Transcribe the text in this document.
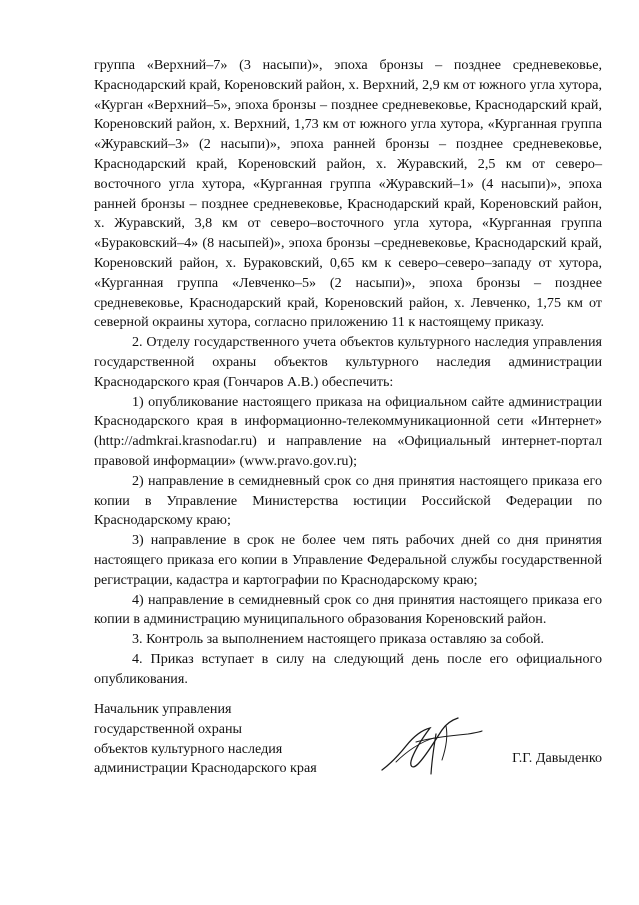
группа «Верхний–7» (3 насыпи)», эпоха бронзы – позднее средневековье, Краснодарский край, Кореновский район, х. Верхний, 2,9 км от южного угла хутора, «Курган «Верхний–5», эпоха бронзы – позднее средневековье, Краснодарский край, Кореновский район, х. Верхний, 1,73 км от южного угла хутора, «Курганная группа «Журавский–3» (2 насыпи)», эпоха ранней бронзы – позднее средневековье, Краснодарский край, Кореновский район, х. Журавский, 2,5 км от северо–восточного угла хутора, «Курганная группа «Журавский–1» (4 насыпи)», эпоха ранней бронзы – позднее средневековье, Краснодарский край, Кореновский район, х. Журавский, 3,8 км от северо–восточного угла хутора, «Курганная группа «Бураковский–4» (8 насыпей)», эпоха бронзы –средневековье, Краснодарский край, Кореновский район, х. Бураковский, 0,65 км к северо–северо–западу от хутора, «Курганная группа «Левченко–5» (2 насыпи)», эпоха бронзы – позднее средневековье, Краснодарский край, Кореновский район, х. Левченко, 1,75 км от северной окраины хутора, согласно приложению 11 к настоящему приказу.

2. Отделу государственного учета объектов культурного наследия управления государственной охраны объектов культурного наследия администрации Краснодарского края (Гончаров А.В.) обеспечить:

1) опубликование настоящего приказа на официальном сайте администрации Краснодарского края в информационно-телекоммуникационной сети «Интернет» (http://admkrai.krasnodar.ru) и направление на «Официальный интернет-портал правовой информации» (www.pravo.gov.ru);

2) направление в семидневный срок со дня принятия настоящего приказа его копии в Управление Министерства юстиции Российской Федерации по Краснодарскому краю;

3) направление в срок не более чем пять рабочих дней со дня принятия настоящего приказа его копии в Управление Федеральной службы государственной регистрации, кадастра и картографии по Краснодарскому краю;

4) направление в семидневный срок со дня принятия настоящего приказа его копии в администрацию муниципального образования Кореновский район.

3. Контроль за выполнением настоящего приказа оставляю за собой.

4. Приказ вступает в силу на следующий день после его официального опубликования.

Начальник управления
государственной охраны
объектов культурного наследия
администрации Краснодарского края
Г.Г. Давыденко
